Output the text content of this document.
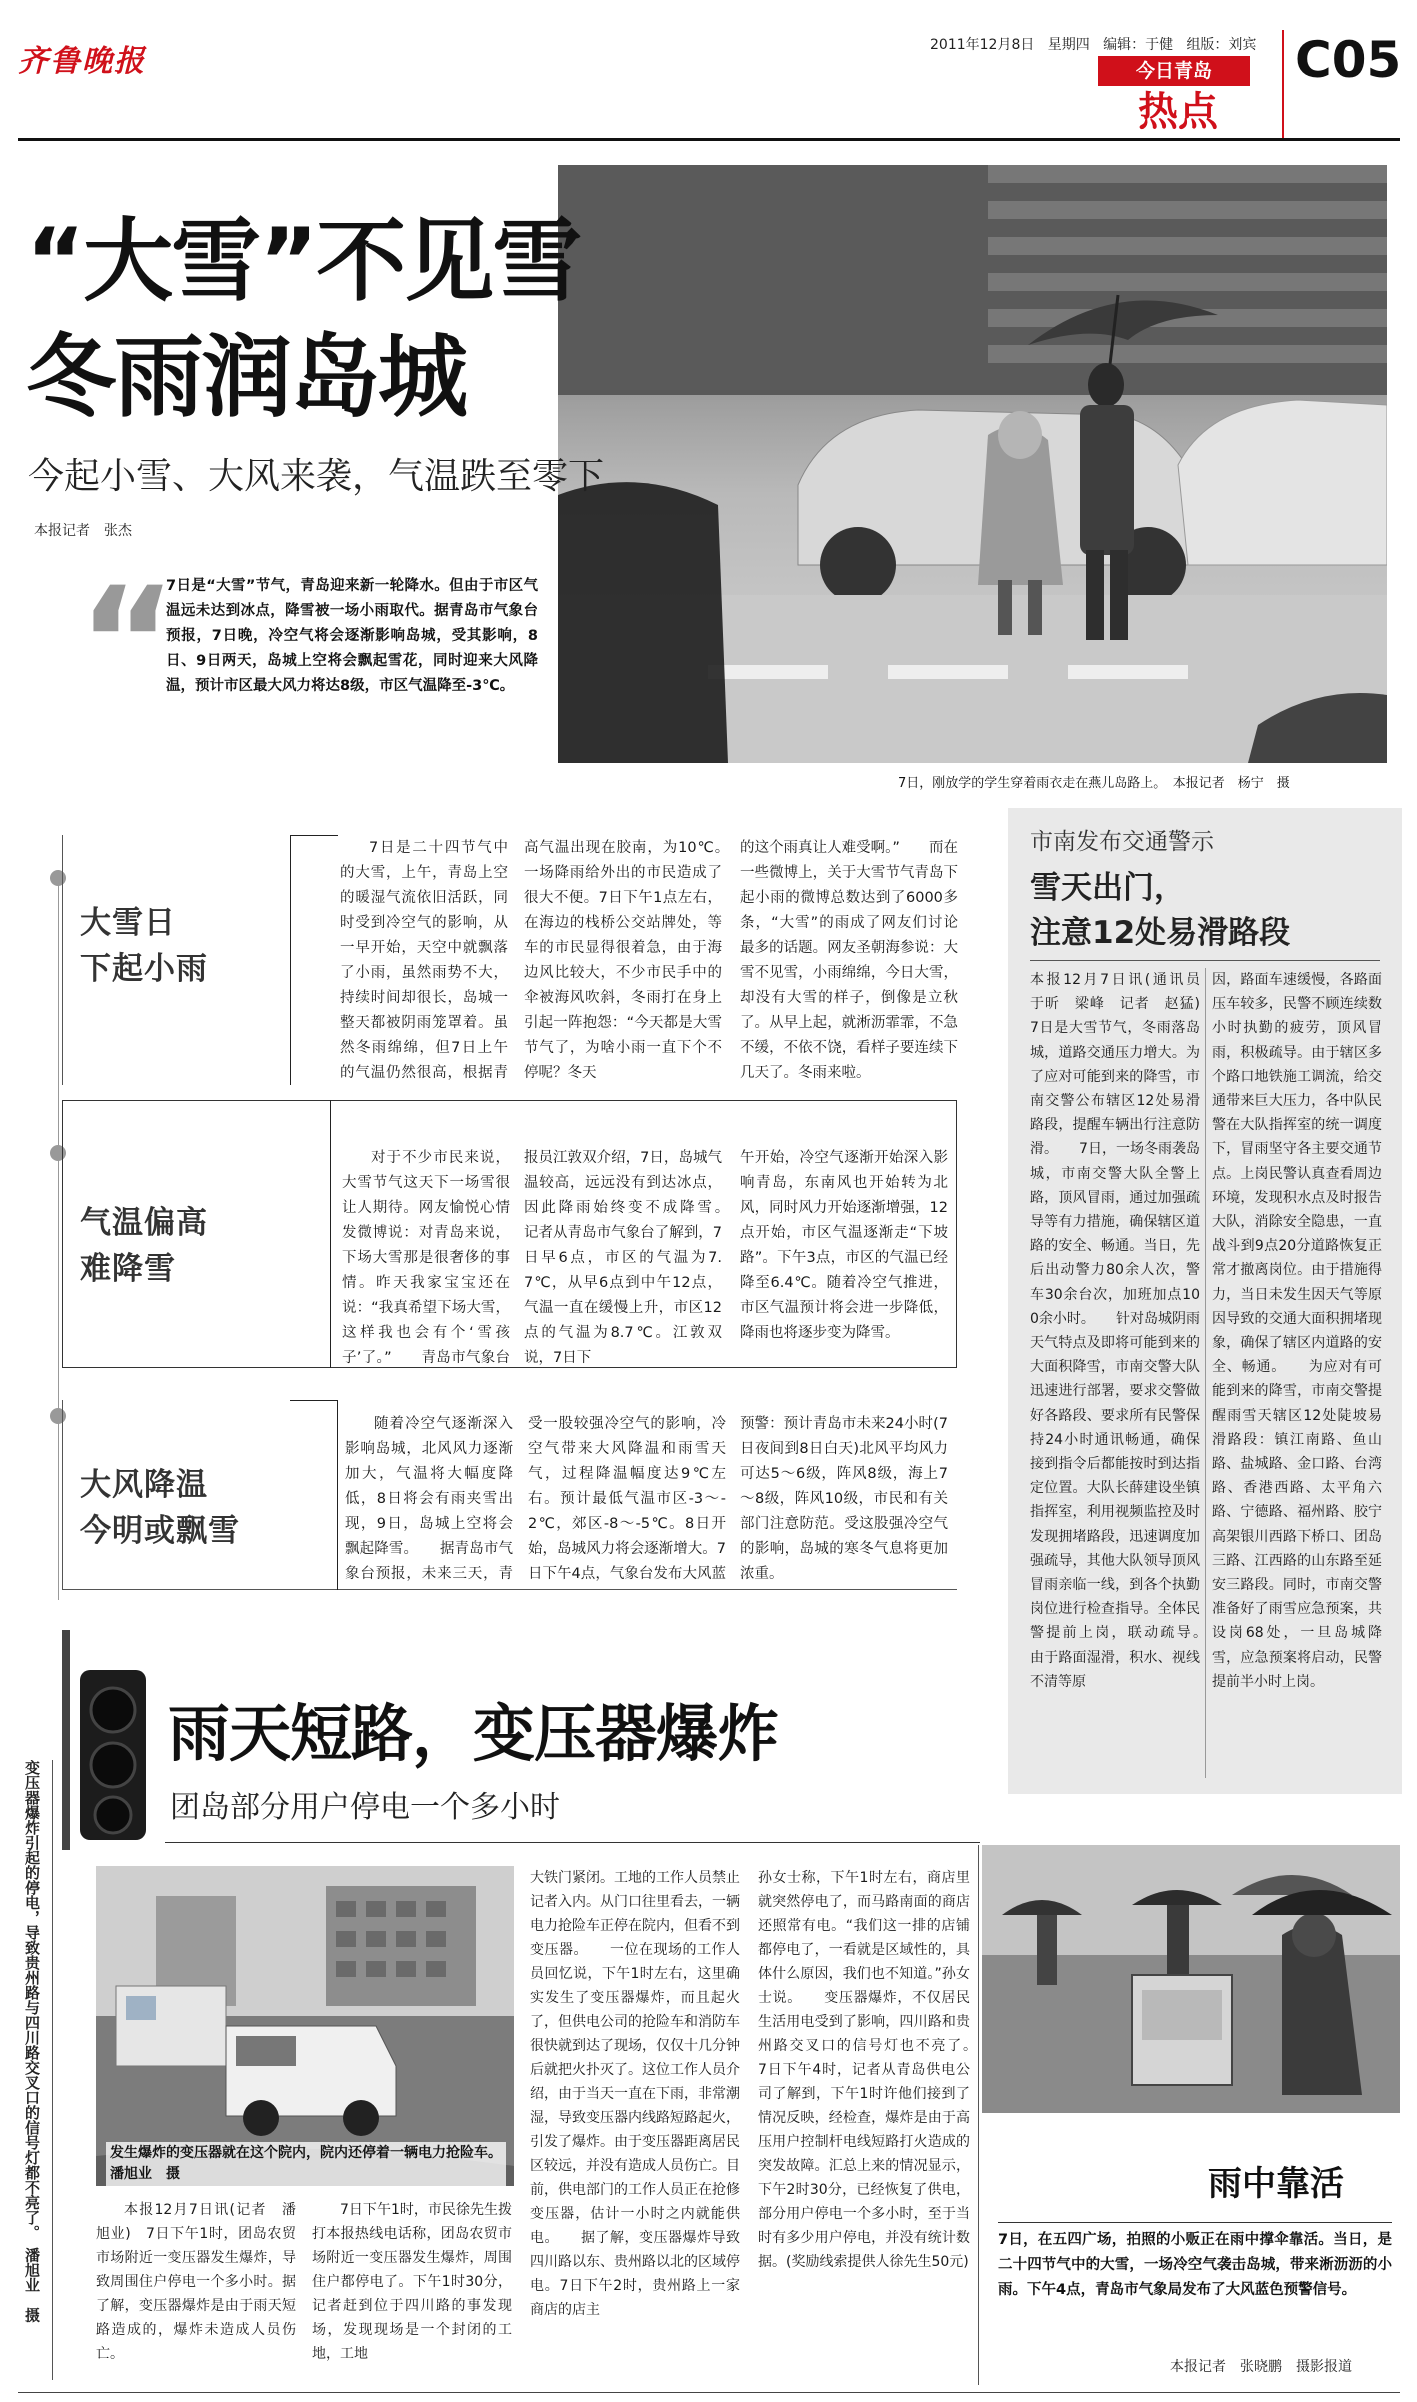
齐鲁晚报	2011年12月8日 星期四 编辑：于健 组版：刘宾
今日青岛
热点
C05
“大雪”不见雪
冬雨润岛城
今起小雪、大风来袭，气温跌至零下
本报记者　张杰
7日，刚放学的学生穿着雨衣走在燕儿岛路上。　本报记者　杨宁　摄
“
7日是“大雪”节气，青岛迎来新一轮降水。但由于市区气温远未达到冰点，降雪被一场小雨取代。据青岛市气象台预报，7日晚，冷空气将会逐渐影响岛城，受其影响，8日、9日两天，岛城上空将会飘起雪花，同时迎来大风降温，预计市区最大风力将达8级，市区气温降至-3℃。
大雪日
下起小雨
7日是二十四节气中的大雪，上午，青岛上空的暖湿气流依旧活跃，同时受到冷空气的影响，从一早开始，天空中就飘落了小雨，虽然雨势不大，持续时间却很长，岛城一整天都被阴雨笼罩着。虽然冬雨绵绵，但7日上午的气温仍然很高，根据青
高气温出现在胶南，为10℃。　　一场降雨给外出的市民造成了很大不便。7日下午1点左右，在海边的栈桥公交站牌处，等车的市民显得很着急，由于海边风比较大，不少市民手中的伞被海风吹斜，冬雨打在身上引起一阵抱怨：“今天都是大雪节气了，为啥小雨一直下个不停呢？冬天
的这个雨真让人难受啊。”　　而在一些微博上，关于大雪节气青岛下起小雨的微博总数达到了6000多条，“大雪”的雨成了网友们讨论最多的话题。网友圣朝海参说：大雪不见雪，小雨绵绵，今日大雪，却没有大雪的样子，倒像是立秋了。从早上起，就淅沥霏霏，不急不缓，不依不饶，看样子要连续下几天了。冬雨来啦。
气温偏高
难降雪
对于不少市民来说，大雪节气这天下一场雪很让人期待。网友愉悦心情发微博说：对青岛来说，下场大雪那是很奢侈的事情。昨天我家宝宝还在说：“我真希望下场大雪，这样我也会有个‘雪孩子’了。”　　青岛市气象台
报员江敦双介绍，7日，岛城气温较高，远远没有到达冰点，因此降雨始终变不成降雪。　　记者从青岛市气象台了解到，7日早6点，市区的气温为7.7℃，从早6点到中午12点，气温一直在缓慢上升，市区12点的气温为8.7℃。江敦双说，7日下
午开始，冷空气逐渐开始深入影响青岛，东南风也开始转为北风，同时风力开始逐渐增强，12点开始，市区气温逐渐走“下坡路”。下午3点，市区的气温已经降至6.4℃。随着冷空气推进，市区气温预计将会进一步降低，降雨也将逐步变为降雪。
大风降温
今明或飘雪
随着冷空气逐渐深入影响岛城，北风风力逐渐加大，气温将大幅度降低，8日将会有雨夹雪出现，9日，岛城上空将会飘起降雪。　　据青岛市气象台预报，未来三天，青
受一股较强冷空气的影响，冷空气带来大风降温和雨雪天气，过程降温幅度达9℃左右。预计最低气温市区-3～-2℃，郊区-8～-5℃。8日开始，岛城风力将会逐渐增大。7日下午4点，气象台发布大风蓝
预警：预计青岛市未来24小时(7日夜间到8日白天)北风平均风力可达5～6级，阵风8级，海上7～8级，阵风10级，市民和有关部门注意防范。受这股强冷空气的影响，岛城的寒冬气息将更加浓重。
市南发布交通警示
雪天出门，
注意12处易滑路段
本报12月7日讯(通讯员　于昕　梁峰　记者　赵猛)　7日是大雪节气，冬雨落岛城，道路交通压力增大。为了应对可能到来的降雪，市南交警公布辖区12处易滑路段，提醒车辆出行注意防滑。　　7日，一场冬雨袭岛城，市南交警大队全警上路，顶风冒雨，通过加强疏导等有力措施，确保辖区道路的安全、畅通。当日，先后出动警力80余人次，警车30余台次，加班加点100余小时。　　针对岛城阴雨天气特点及即将可能到来的大面积降雪，市南交警大队迅速进行部署，要求交警做好各路段、要求所有民警保持24小时通讯畅通，确保接到指令后都能按时到达指定位置。大队长薛建设坐镇指挥室，利用视频监控及时发现拥堵路段，迅速调度加强疏导，其他大队领导顶风冒雨亲临一线，到各个执勤岗位进行检查指导。全体民警提前上岗，联动疏导。　　由于路面湿滑，积水、视线不清等原
因，路面车速缓慢，各路面压车较多，民警不顾连续数小时执勤的疲劳，顶风冒雨，积极疏导。由于辖区多个路口地铁施工调流，给交通带来巨大压力，各中队民警在大队指挥室的统一调度下，冒雨坚守各主要交通节点。上岗民警认真查看周边环境，发现积水点及时报告大队，消除安全隐患，一直战斗到9点20分道路恢复正常才撤离岗位。由于措施得力，当日未发生因天气等原因导致的交通大面积拥堵现象，确保了辖区内道路的安全、畅通。　　为应对有可能到来的降雪，市南交警提醒雨雪天辖区12处陡坡易滑路段：镇江南路、鱼山路、盐城路、金口路、台湾路、香港西路、太平角六路、宁德路、福州路、胶宁高架银川西路下桥口、团岛三路、江西路的山东路至延安三路段。同时，市南交警准备好了雨雪应急预案，共设岗68处，一旦岛城降雪，应急预案将启动，民警提前半小时上岗。
雨天短路，变压器爆炸
团岛部分用户停电一个多小时
变压器爆炸引起的停电，导致贵州路与四川路交叉口的信号灯都不亮了。　潘旭业　摄	发生爆炸的变压器就在这个院内，院内还停着一辆电力抢险车。　潘旭业　摄
本报12月7日讯(记者　潘旭业)　7日下午1时，团岛农贸市场附近一变压器发生爆炸，导致周围住户停电一个多小时。据了解，变压器爆炸是由于雨天短路造成的，爆炸未造成人员伤亡。
7日下午1时，市民徐先生拨打本报热线电话称，团岛农贸市场附近一变压器发生爆炸，周围住户都停电了。下午1时30分，记者赶到位于四川路的事发现场，发现现场是一个封闭的工地，工地
大铁门紧闭。工地的工作人员禁止记者入内。从门口往里看去，一辆电力抢险车正停在院内，但看不到变压器。　　一位在现场的工作人员回忆说，下午1时左右，这里确实发生了变压器爆炸，而且起火了，但供电公司的抢险车和消防车很快就到达了现场，仅仅十几分钟后就把火扑灭了。这位工作人员介绍，由于当天一直在下雨，非常潮湿，导致变压器内线路短路起火，引发了爆炸。由于变压器距离居民区较远，并没有造成人员伤亡。目前，供电部门的工作人员正在抢修变压器，估计一小时之内就能供电。　　据了解，变压器爆炸导致四川路以东、贵州路以北的区域停电。7日下午2时，贵州路上一家商店的店主
孙女士称，下午1时左右，商店里就突然停电了，而马路南面的商店还照常有电。“我们这一排的店铺都停电了，一看就是区域性的，具体什么原因，我们也不知道。”孙女士说。　　变压器爆炸，不仅居民生活用电受到了影响，四川路和贵州路交叉口的信号灯也不亮了。　　7日下午4时，记者从青岛供电公司了解到，下午1时许他们接到了情况反映，经检查，爆炸是由于高压用户控制杆电线短路打火造成的突发故障。汇总上来的情况显示，下午2时30分，已经恢复了供电，部分用户停电一个多小时，至于当时有多少用户停电，并没有统计数据。(奖励线索提供人徐先生50元)
雨中靠活
7日，在五四广场，拍照的小贩正在雨中撑伞靠活。当日，是二十四节气中的大雪，一场冷空气袭击岛城，带来淅沥沥的小雨。下午4点，青岛市气象局发布了大风蓝色预警信号。
本报记者　张晓鹏　摄影报道
